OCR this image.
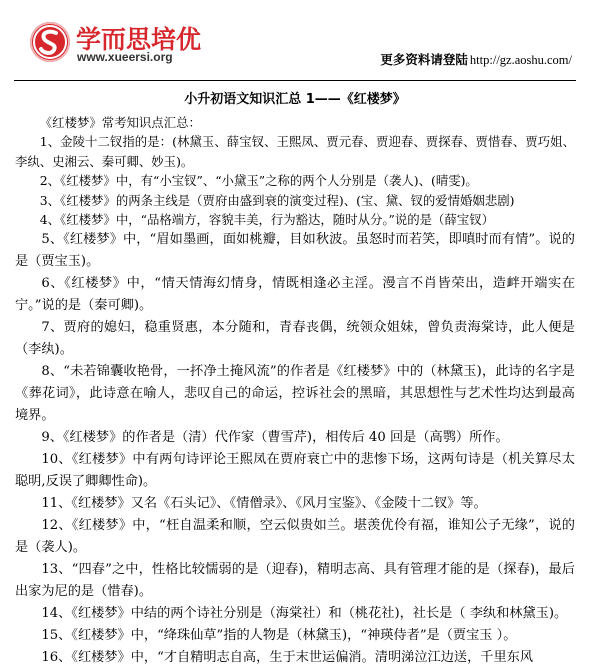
学而思培优
www.xueersi.org	更多资料请登陆 http://gz.aoshu.com/
小升初语文知识汇总 1——《红楼梦》

《红楼梦》常考知识点汇总：

1、金陵十二钗指的是：(林黛玉、薛宝钗、王熙凤、贾元春、贾迎春、贾探春、贾惜春、贾巧姐、李纨、史湘云、秦可卿、妙玉)。

2、《红楼梦》中，有“小宝钗”、“小黛玉”之称的两个人分别是（袭人)、(晴雯)。

3、《红楼梦》的两条主线是（贾府由盛到衰的演变过程)、(宝、黛、钗的爱情婚姻悲剧)

4、《红楼梦》中，“品格端方，容貌丰美，行为豁达，随时从分。”说的是（薛宝钗）

5、《红楼梦》中，“眉如墨画，面如桃瓣，目如秋波。虽怒时而若笑，即嗔时而有情”。说的是（贾宝玉)。

6、《红楼梦》中，“情天情海幻情身，情既相逢必主淫。漫言不肖皆荣出，造衅开端实在宁。”说的是（秦可卿)。

7、贾府的媳妇，稳重贤惠，本分随和，青春丧偶，统领众姐妹，曾负责海棠诗，此人便是（李纨)。

8、“未若锦囊收艳骨，一抔净土掩风流”的作者是《红楼梦》中的（林黛玉)，此诗的名字是《葬花词》，此诗意在喻人，悲叹自己的命运，控诉社会的黑暗，其思想性与艺术性均达到最高境界。

9、《红楼梦》的作者是（清）代作家（曹雪芹)，相传后 40 回是（高鹗）所作。

10、《红楼梦》中有两句诗评论王熙凤在贾府衰亡中的悲惨下场，这两句诗是（机关算尽太聪明,反误了卿卿性命)。

11、《红楼梦》又名《石头记》、《情僧录》、《风月宝鉴》、《金陵十二钗》等。

12、《红楼梦》中，“枉自温柔和顺，空云似贵如兰。堪羡优伶有福，谁知公子无缘”，说的是（袭人)。

13、“四春”之中，性格比较懦弱的是（迎春)，精明志高、具有管理才能的是（探春)，最后出家为尼的是（惜春)。

14、《红楼梦》中结的两个诗社分别是（海棠社）和（桃花社)，社长是（ 李纨和林黛玉)。

15、《红楼梦》中，“绛珠仙草”指的人物是（林黛玉)，“神瑛侍者”是（贾宝玉 ）。

16、《红楼梦》中，“才自精明志自高，生于末世运偏消。清明涕泣江边送，千里东风
